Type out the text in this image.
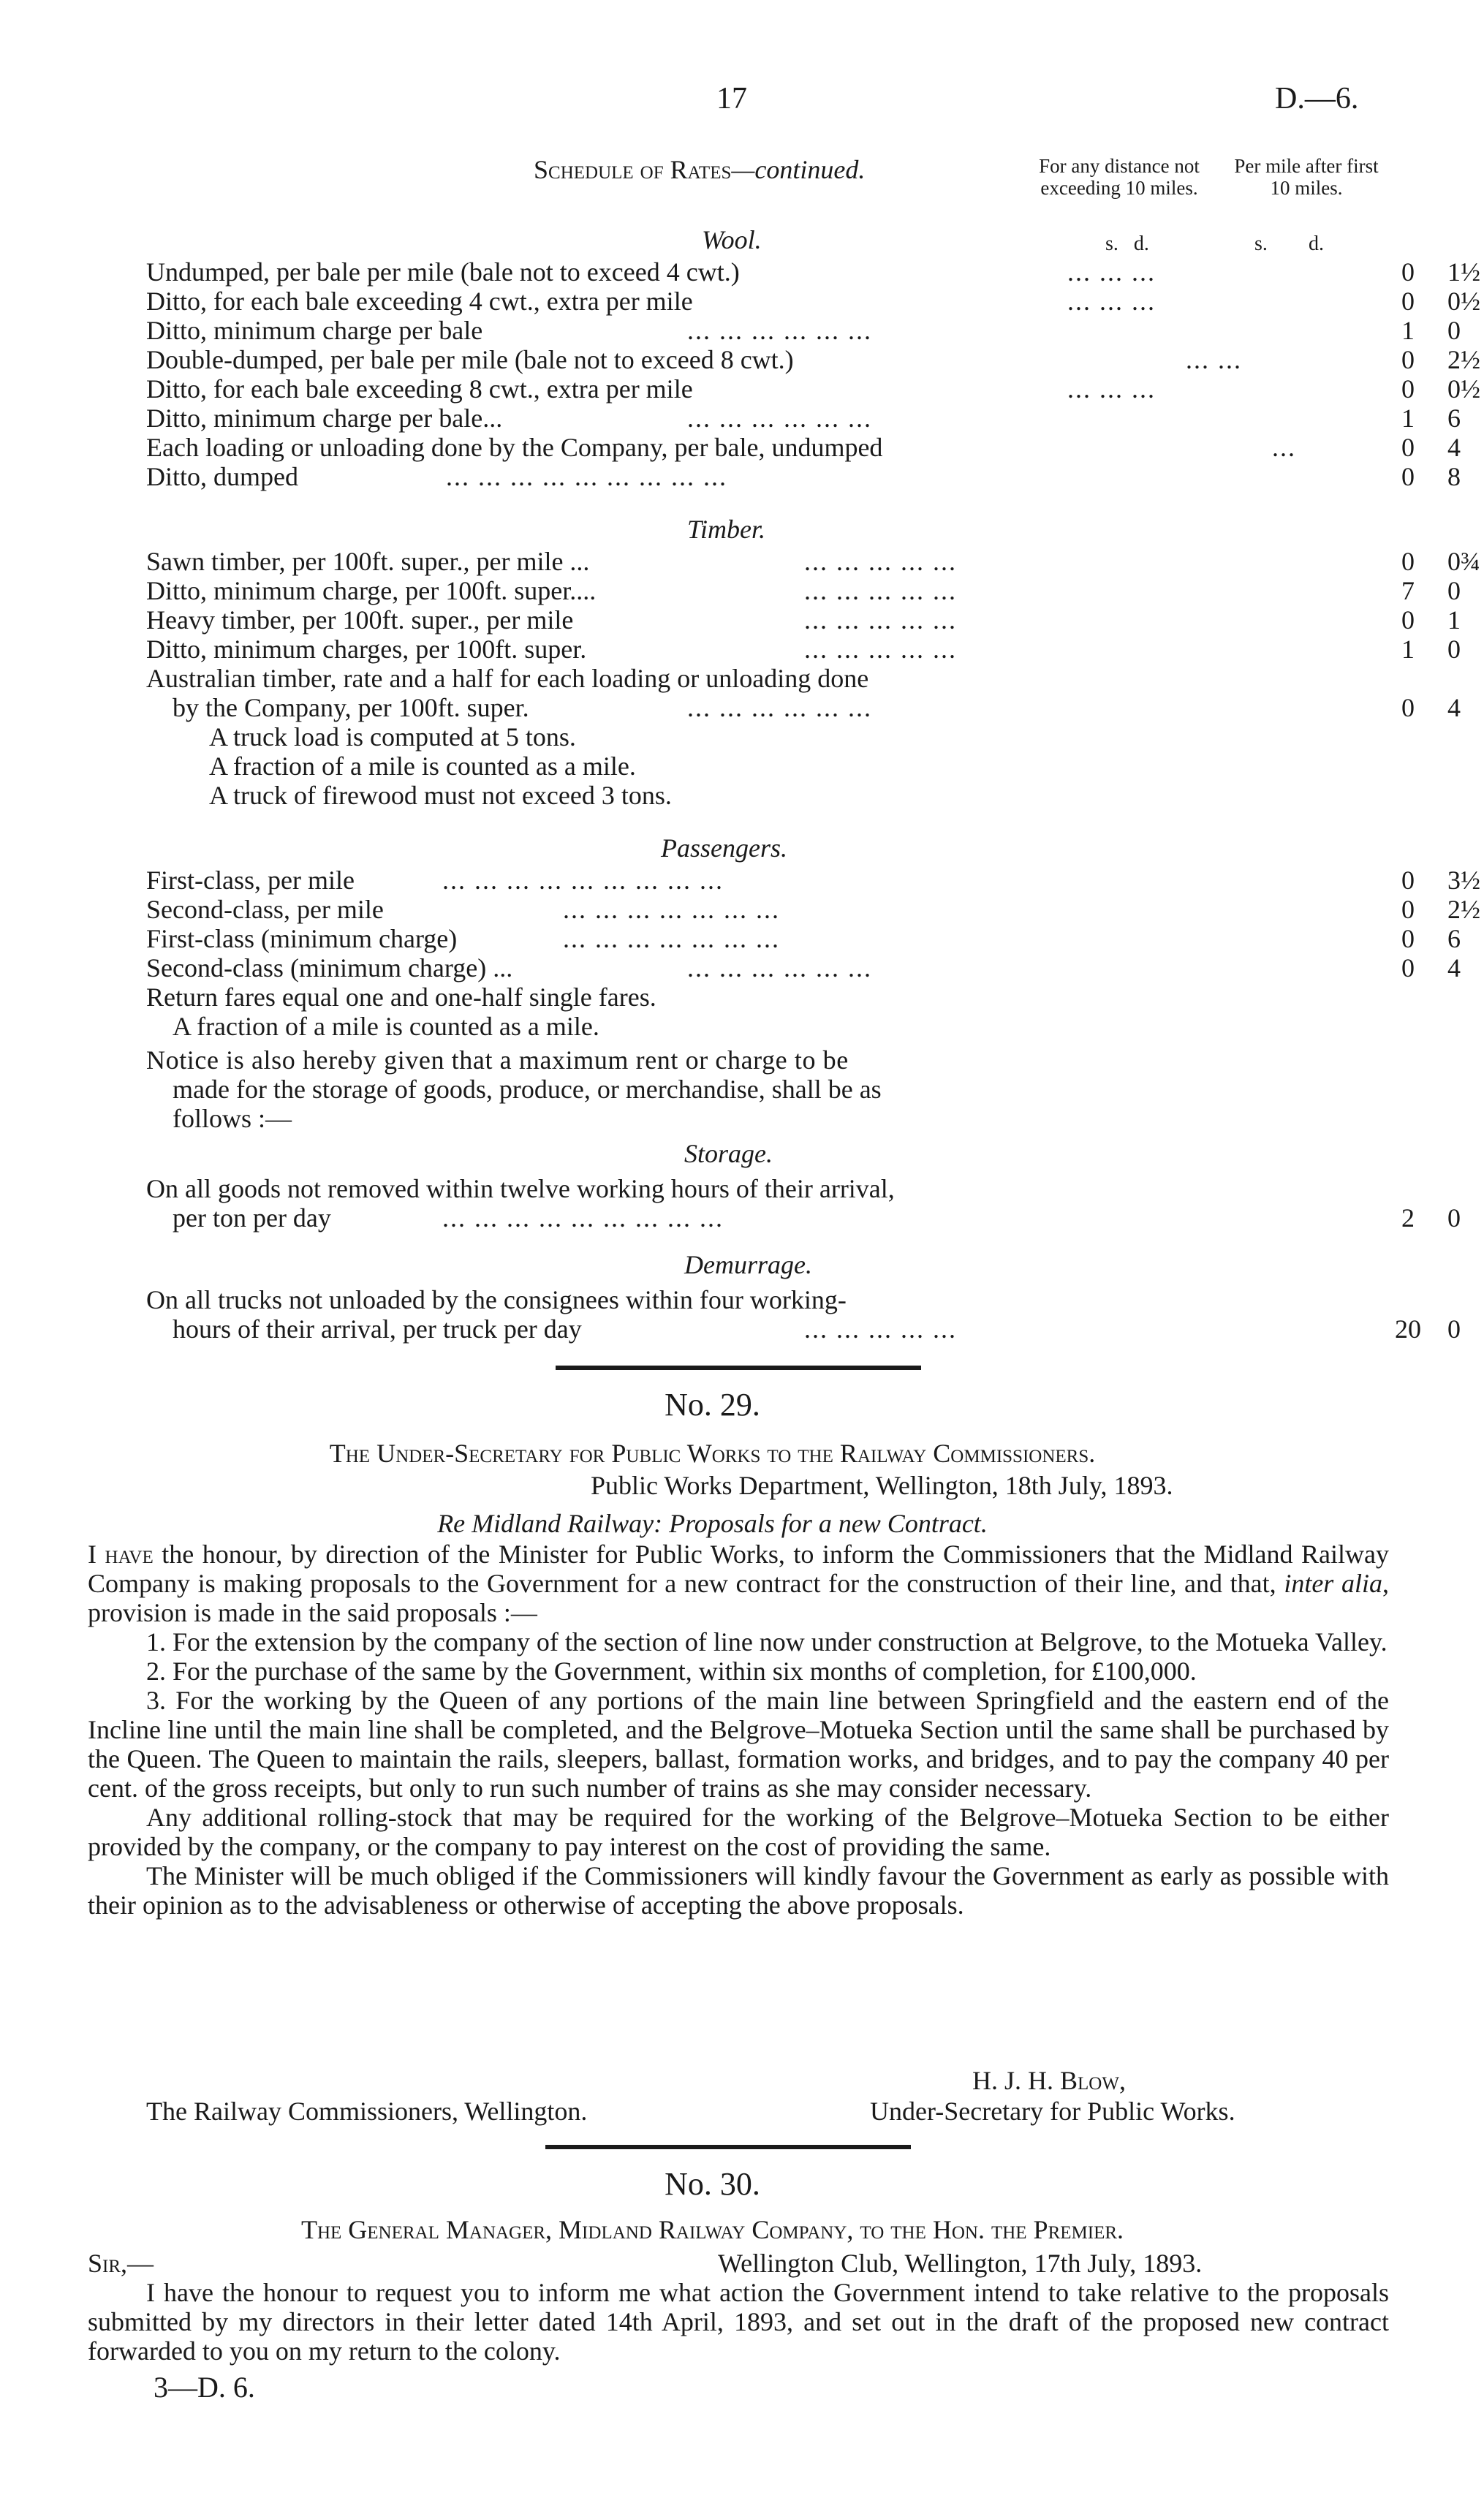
17	D.—6.
Schedule of Rates—continued.	For any distance not exceeding 10 miles.
Per mile after first 10 miles.
Wool.	s.   d.	s. d.
Undumped, per bale per mile (bale not to exceed 4 cwt.)	... ... ...	0 1½
Ditto, for each bale exceeding 4 cwt., extra per mile	... ... ...	0 0½
Ditto, minimum charge per bale	... ... ... ... ... ...	1 0
Double-dumped, per bale per mile (bale not to exceed 8 cwt.)	... ...	0 2½
Ditto, for each bale exceeding 8 cwt., extra per mile	... ... ...	0 0½
Ditto, minimum charge per bale...	... ... ... ... ... ...	1 6
Each loading or unloading done by the Company, per bale, undumped	...	0 4
Ditto, dumped	... ... ... ... ... ... ... ... ...	0 8
Timber.
Sawn timber, per 100ft. super., per mile ...	... ... ... ... ...	0 0¾
Ditto, minimum charge, per 100ft. super....	... ... ... ... ...	7 0
Heavy timber, per 100ft. super., per mile	... ... ... ... ...	0 1
Ditto, minimum charges, per 100ft. super.	... ... ... ... ...	1 0
Australian timber, rate and a half for each loading or unloading done
by the Company, per 100ft. super.	... ... ... ... ... ...	0 4
A truck load is computed at 5 tons.
A fraction of a mile is counted as a mile.
A truck of firewood must not exceed 3 tons.
Passengers.
First-class, per mile	... ... ... ... ... ... ... ... ...	0 3½
Second-class, per mile	... ... ... ... ... ... ...	0 2½
First-class (minimum charge)	... ... ... ... ... ... ...	0 6
Second-class (minimum charge) ...	... ... ... ... ... ...	0 4
Return fares equal one and one-half single fares.
A fraction of a mile is counted as a mile.
Notice is also hereby given that a maximum rent or charge to be
made for the storage of goods, produce, or merchandise, shall be as
follows :—
Storage.
On all goods not removed within twelve working hours of their arrival,
per ton per day	... ... ... ... ... ... ... ... ...	2 0
Demurrage.
On all trucks not unloaded by the consignees within four working-
hours of their arrival, per truck per day	... ... ... ... ...	20 0
No. 29.
The Under-Secretary for Public Works to the Railway Commissioners.
Public Works Department, Wellington, 18th July, 1893.
Re Midland Railway: Proposals for a new Contract.

I have the honour, by direction of the Minister for Public Works, to inform the Commissioners that the Midland Railway Company is making proposals to the Government for a new contract for the construction of their line, and that, inter alia, provision is made in the said proposals :—

1. For the extension by the company of the section of line now under construction at Belgrove, to the Motueka Valley.

2. For the purchase of the same by the Government, within six months of completion, for £100,000.

3. For the working by the Queen of any portions of the main line between Springfield and the eastern end of the Incline line until the main line shall be completed, and the Belgrove–Motueka Section until the same shall be purchased by the Queen. The Queen to maintain the rails, sleepers, ballast, formation works, and bridges, and to pay the company 40 per cent. of the gross receipts, but only to run such number of trains as she may consider necessary.

Any additional rolling-stock that may be required for the working of the Belgrove–Motueka Section to be either provided by the company, or the company to pay interest on the cost of providing the same.

The Minister will be much obliged if the Commissioners will kindly favour the Government as early as possible with their opinion as to the advisableness or otherwise of accepting the above proposals.

H. J. H. Blow,
The Railway Commissioners, Wellington.	Under-Secretary for Public Works.
No. 30.
The General Manager, Midland Railway Company, to the Hon. the Premier.
Sir,—	Wellington Club, Wellington, 17th July, 1893.

I have the honour to request you to inform me what action the Government intend to take relative to the proposals submitted by my directors in their letter dated 14th April, 1893, and set out in the draft of the proposed new contract forwarded to you on my return to the colony.

3—D. 6.
